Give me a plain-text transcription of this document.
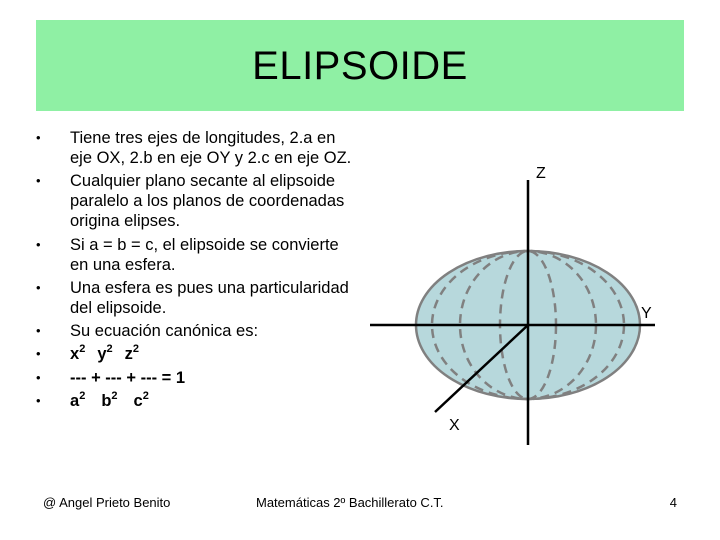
ELIPSOIDE
•	Tiene tres ejes de longitudes, 2.a en eje OX, 2.b en eje OY y 2.c en eje OZ.
•	Cualquier plano secante al elipsoide paralelo a los planos de coordenadas origina elipses.
•	Si a = b = c, el elipsoide se convierte en una esfera.
•	Una esfera es pues una particularidad del elipsoide.
•	Su ecuación canónica es:
•	$x^2$ $y^2$ $z^2$
•	--- + --- + --- = 1
•	$a^2$ $b^2$ $c^2$
Z
Y
X
@ Angel Prieto Benito	Matemáticas 2º Bachillerato C.T.	4
